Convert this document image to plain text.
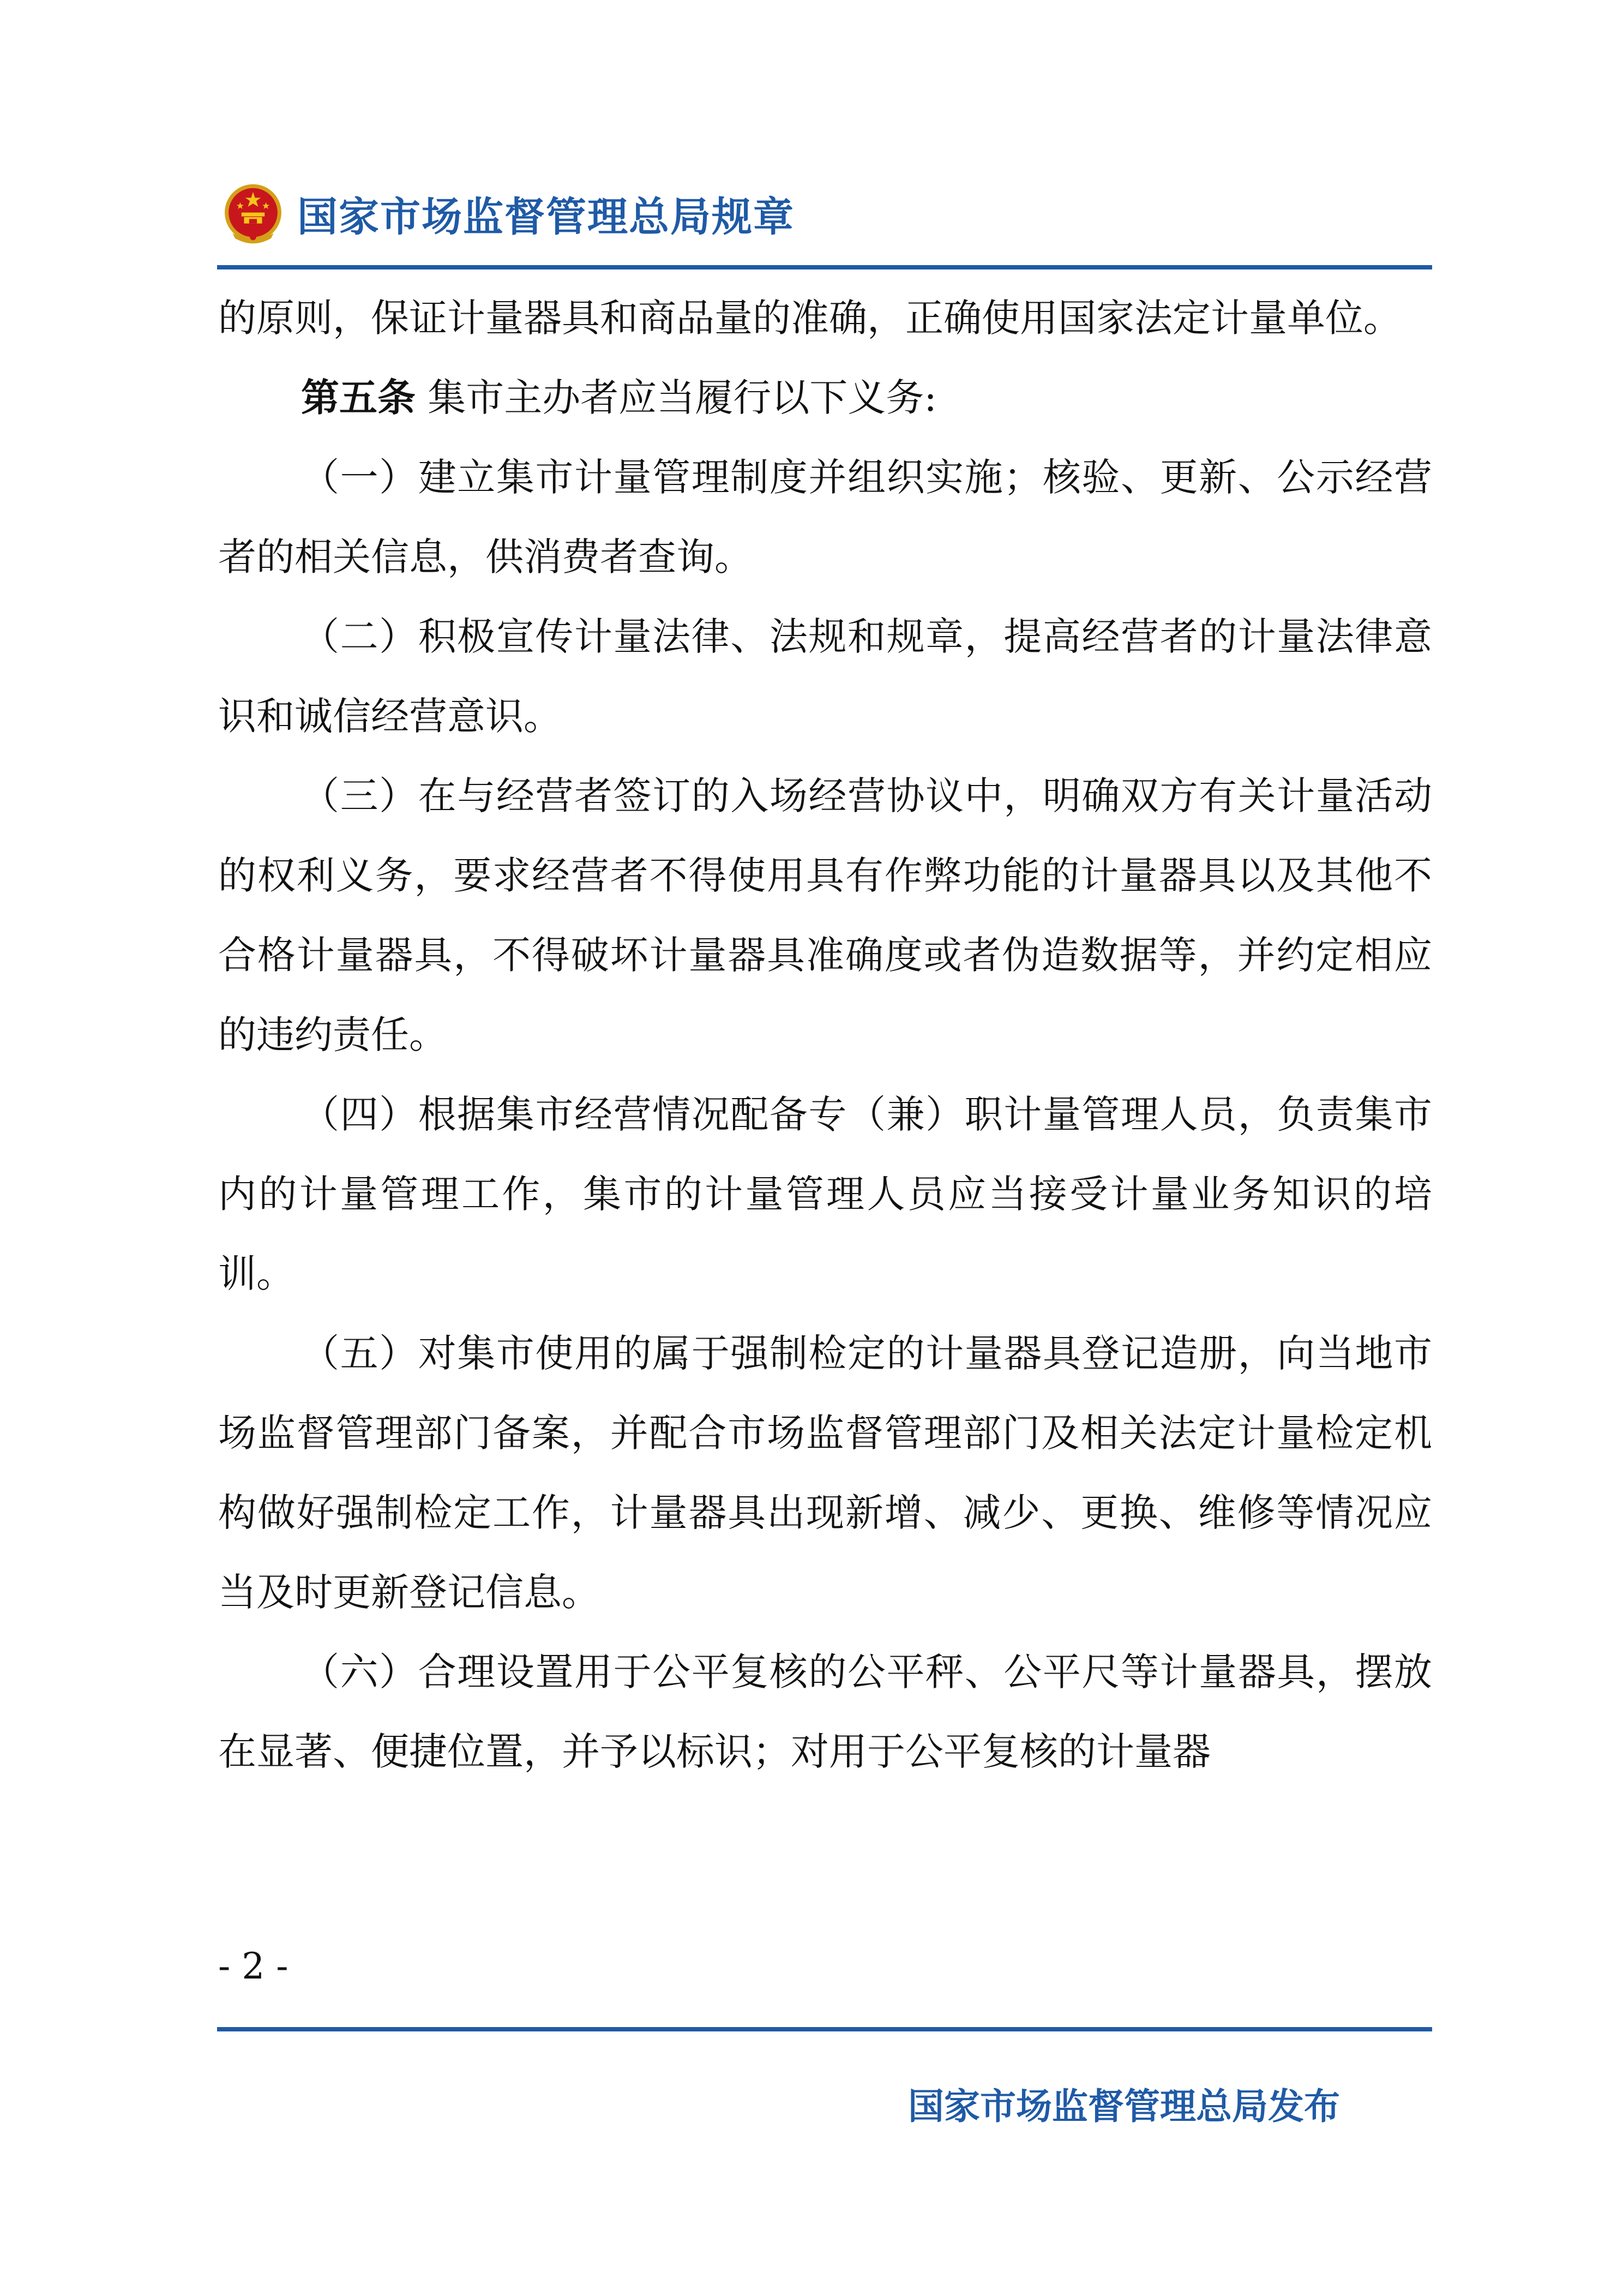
国家市场监督管理总局规章

的原则，保证计量器具和商品量的准确，正确使用国家法定计量单位。

第五条 集市主办者应当履行以下义务:

（一）建立集市计量管理制度并组织实施；核验、更新、公示经营者的相关信息，供消费者查询。

（二）积极宣传计量法律、法规和规章，提高经营者的计量法律意识和诚信经营意识。

（三）在与经营者签订的入场经营协议中，明确双方有关计量活动的权利义务，要求经营者不得使用具有作弊功能的计量器具以及其他不合格计量器具，不得破坏计量器具准确度或者伪造数据等，并约定相应的违约责任。

（四）根据集市经营情况配备专（兼）职计量管理人员，负责集市内的计量管理工作，集市的计量管理人员应当接受计量业务知识的培训。

（五）对集市使用的属于强制检定的计量器具登记造册，向当地市场监督管理部门备案，并配合市场监督管理部门及相关法定计量检定机构做好强制检定工作，计量器具出现新增、减少、更换、维修等情况应当及时更新登记信息。

（六）合理设置用于公平复核的公平秤、公平尺等计量器具，摆放在显著、便捷位置，并予以标识；对用于公平复核的计量器

- 2 -
国家市场监督管理总局发布
